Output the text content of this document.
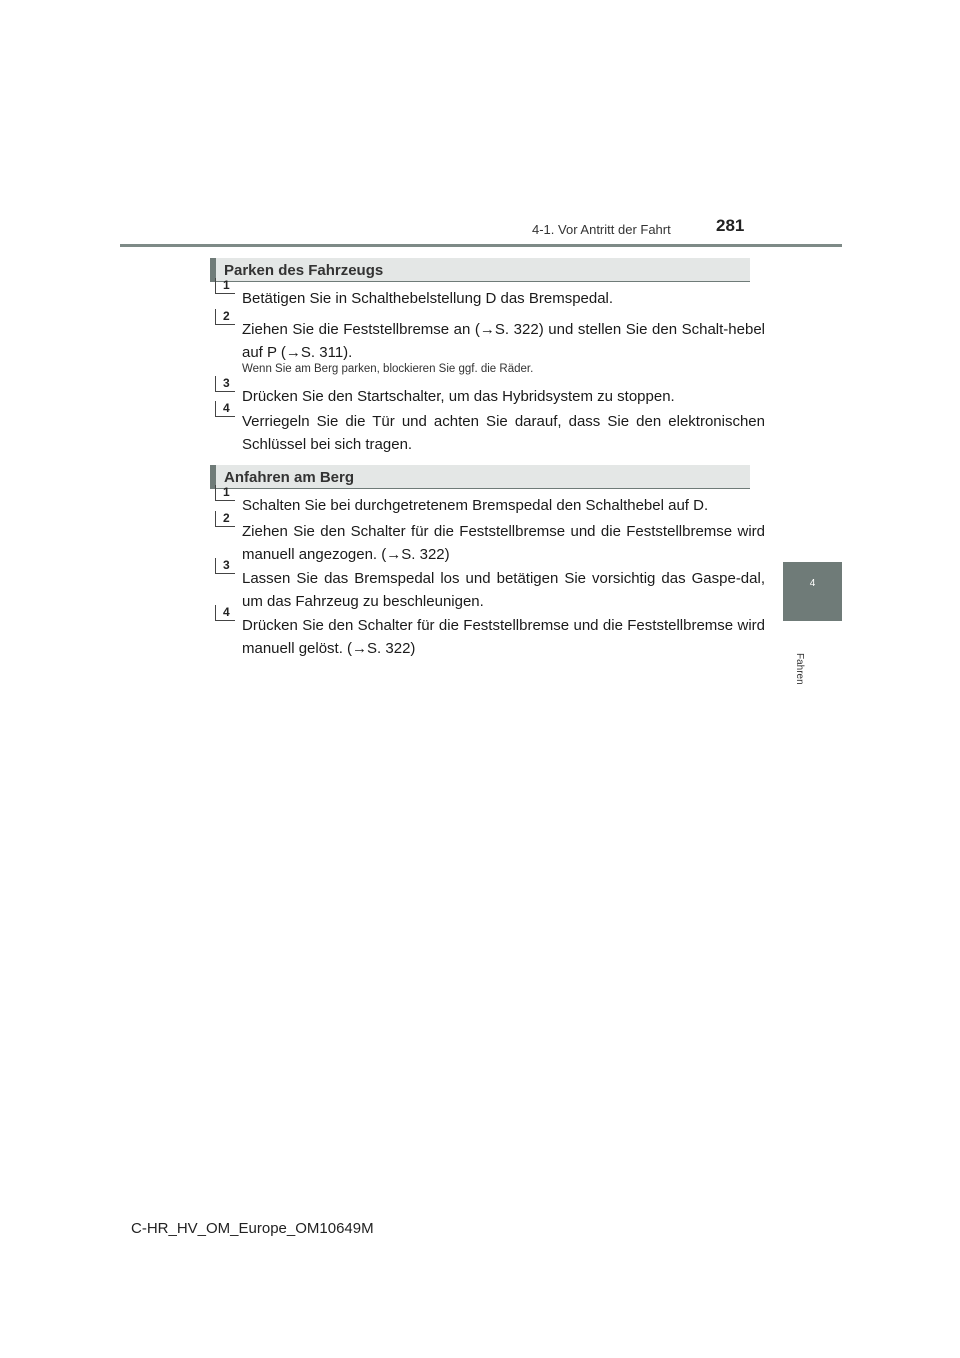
4-1. Vor Antritt der Fahrt	281
4
Fahren
Parken des Fahrzeugs
1
Betätigen Sie in Schalthebelstellung D das Bremspedal.
2
Ziehen Sie die Feststellbremse an (→S. 322) und stellen Sie den Schalt-hebel auf P (→S. 311).
Wenn Sie am Berg parken, blockieren Sie ggf. die Räder.
3
Drücken Sie den Startschalter, um das Hybridsystem zu stoppen.
4
Verriegeln Sie die Tür und achten Sie darauf, dass Sie den elektronischen Schlüssel bei sich tragen.
Anfahren am Berg
1
Schalten Sie bei durchgetretenem Bremspedal den Schalthebel auf D.
2
Ziehen Sie den Schalter für die Feststellbremse und die Feststellbremse wird manuell angezogen. (→S. 322)
3
Lassen Sie das Bremspedal los und betätigen Sie vorsichtig das Gaspe-dal, um das Fahrzeug zu beschleunigen.
4
Drücken Sie den Schalter für die Feststellbremse und die Feststellbremse wird manuell gelöst. (→S. 322)
C-HR_HV_OM_Europe_OM10649M
